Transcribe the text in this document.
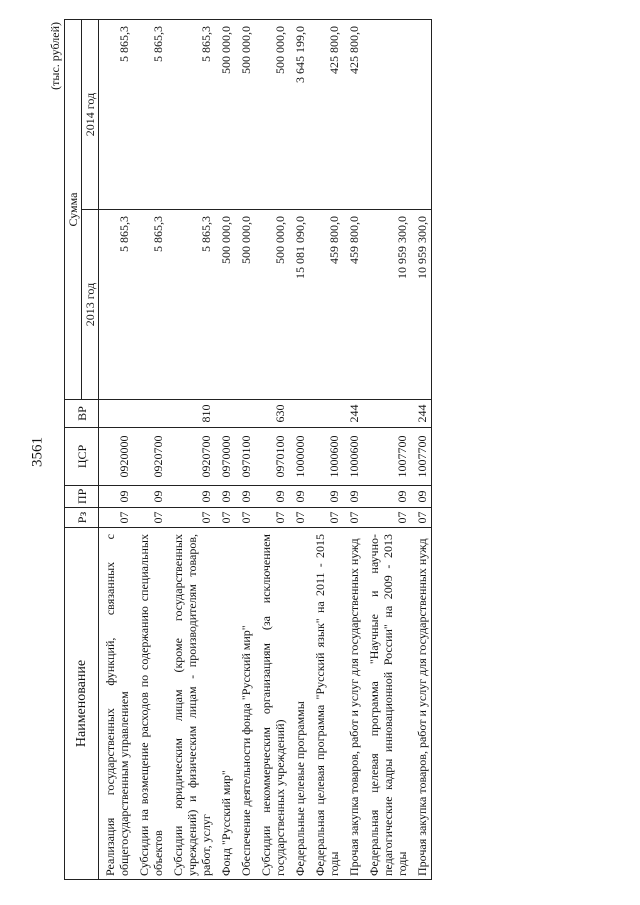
3561
(тыс. рублей)
Наименование	Рз	ПР	ЦСР	ВР	Сумма	
					2013 год	2014 год
Реализация государственных функций, связанных с общегосударственным управлением	07	09	0920000		5 865,3	5 865,3
Субсидии на возмещение расходов по содержанию специальных объектов	07	09	0920700		5 865,3	5 865,3
Субсидии юридическим лицам (кроме государственных учреждений) и физическим лицам - производителям товаров, работ, услуг	07	09	0920700	810	5 865,3	5 865,3
Фонд "Русский мир"	07	09	0970000		500 000,0	500 000,0
Обеспечение деятельности фонда "Русский мир"	07	09	0970100		500 000,0	500 000,0
Субсидии некоммерческим организациям (за исключением государственных учреждений)	07	09	0970100	630	500 000,0	500 000,0
Федеральные целевые программы	07	09	1000000		15 081 090,0	3 645 199,0
Федеральная целевая программа "Русский язык" на 2011 - 2015 годы	07	09	1000600		459 800,0	425 800,0
Прочая закупка товаров, работ и услуг для государственных нужд	07	09	1000600	244	459 800,0	425 800,0
Федеральная целевая программа "Научные и научно-педагогические кадры инновационной России" на 2009 - 2013 годы	07	09	1007700		10 959 300,0	
Прочая закупка товаров, работ и услуг для государственных нужд	07	09	1007700	244	10 959 300,0	
